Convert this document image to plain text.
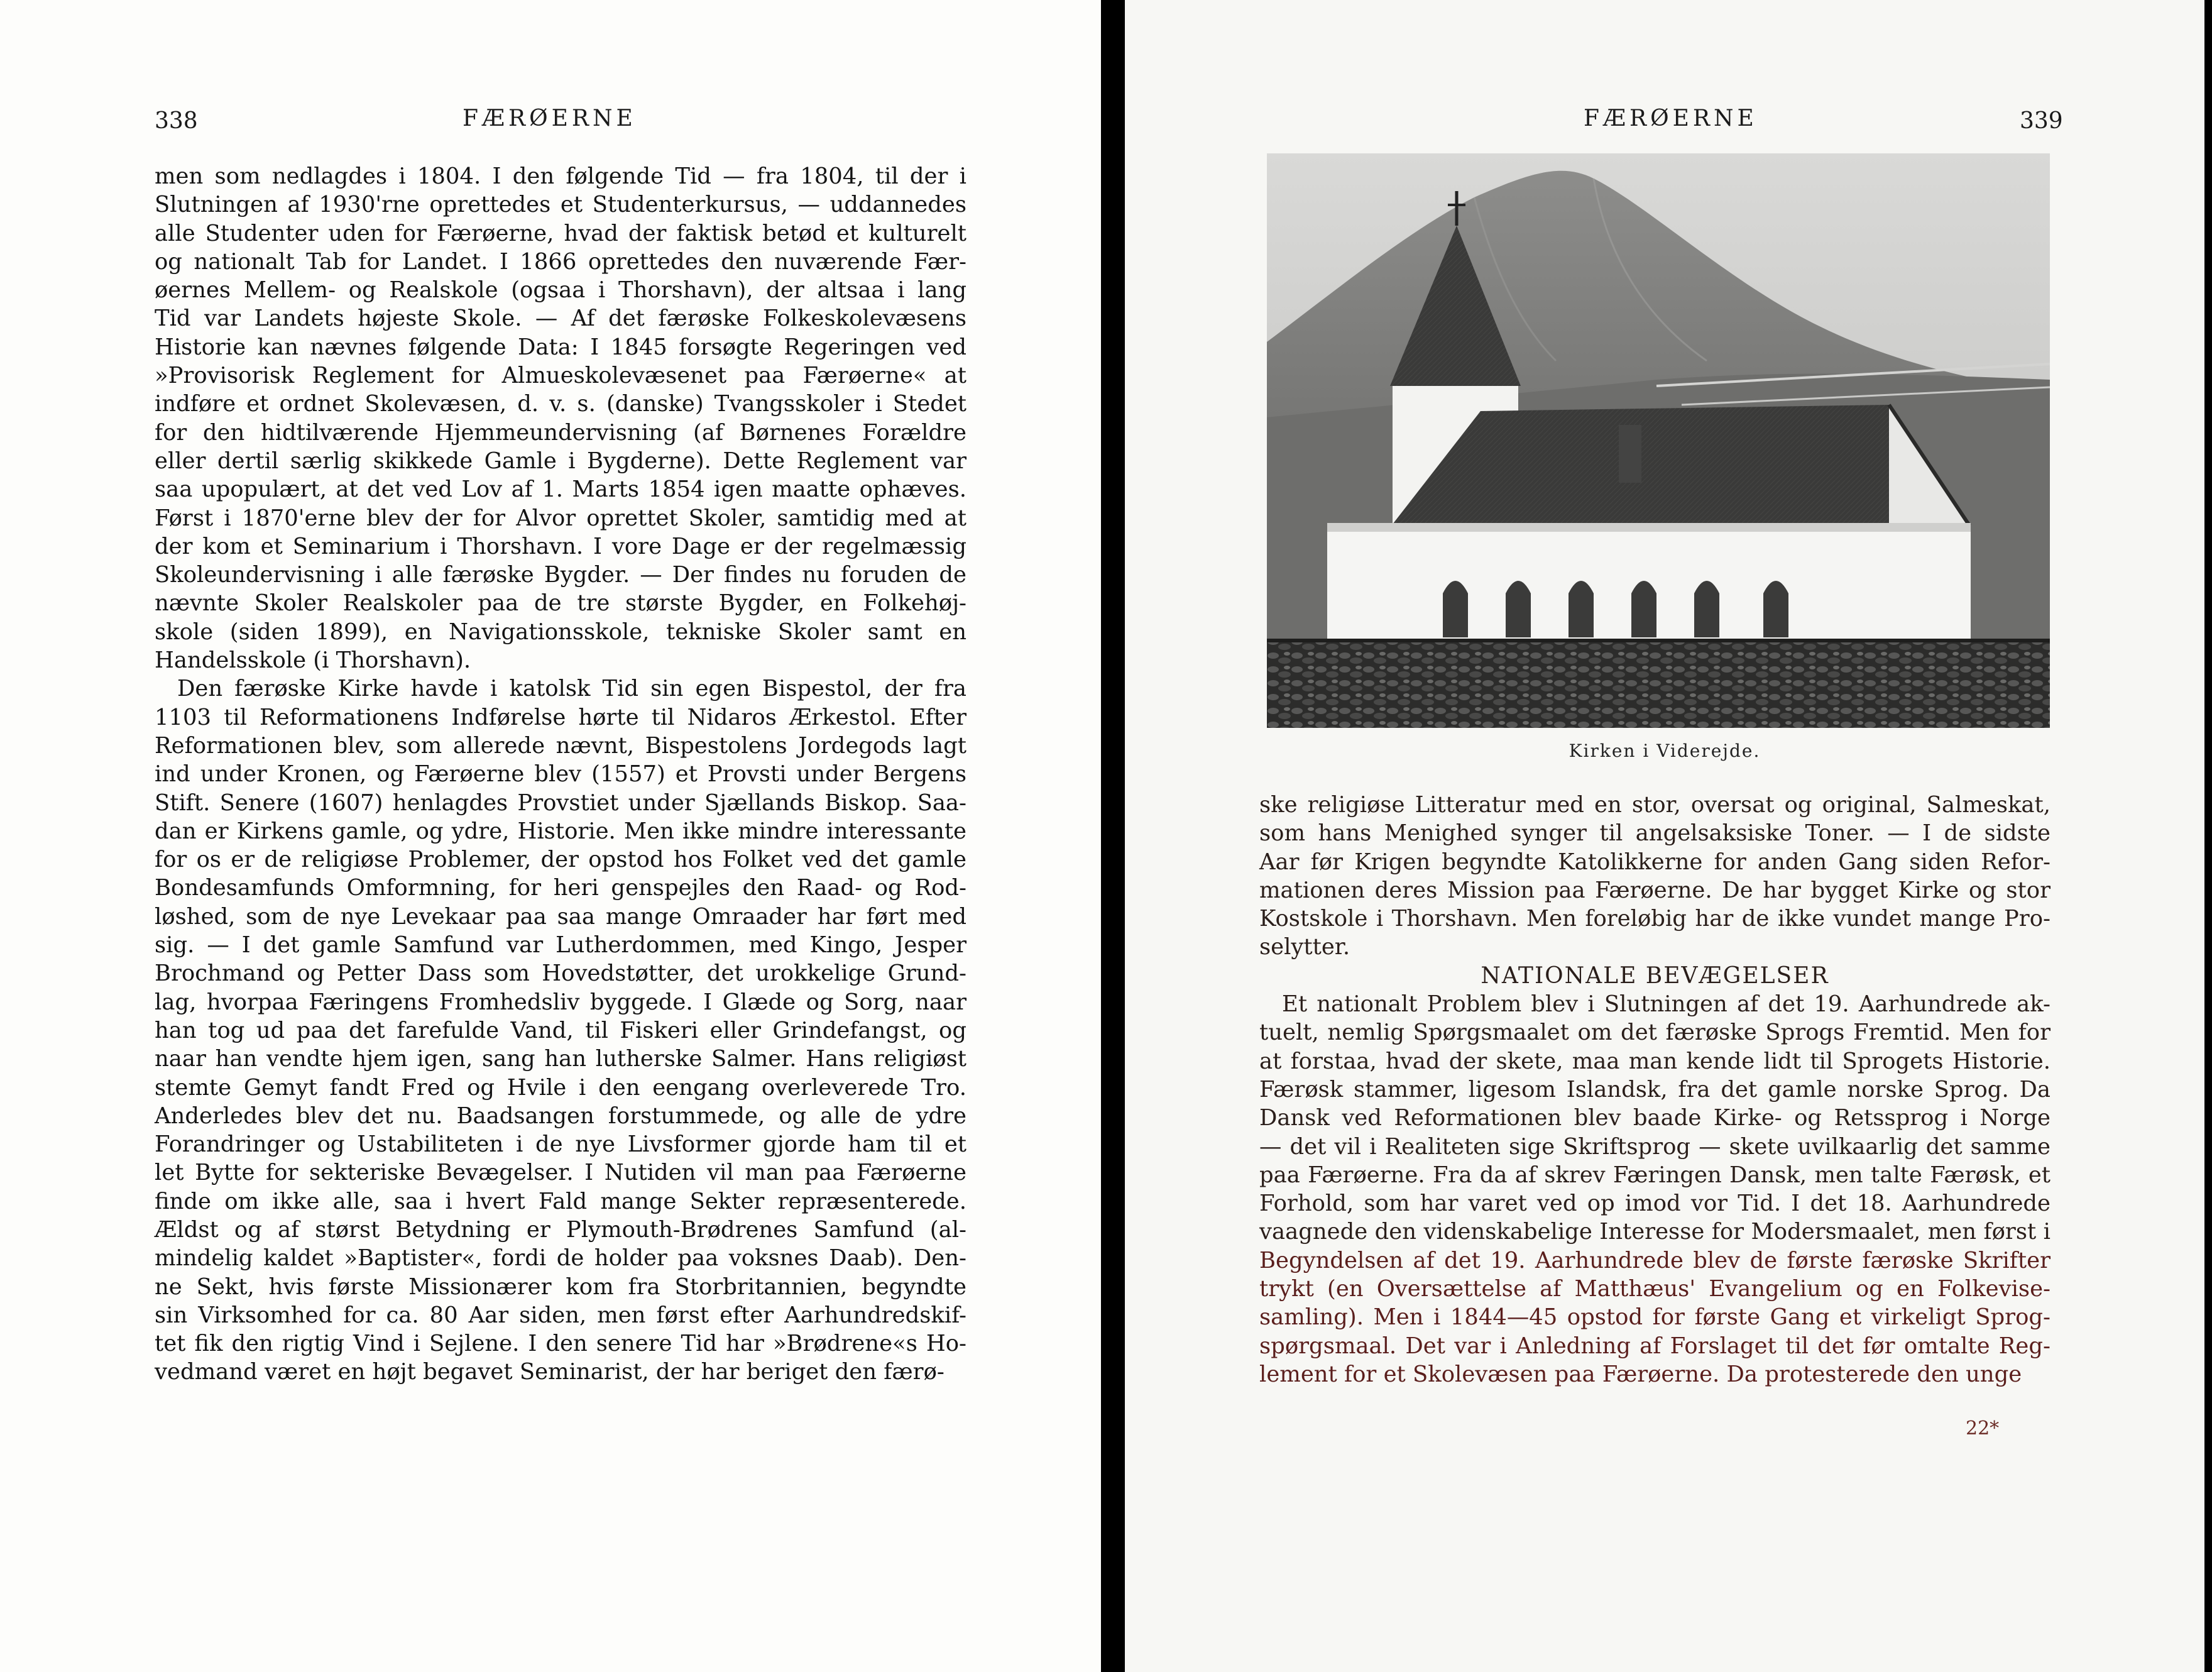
338	FÆRØERNE
men som nedlagdes i 1804. I den følgende Tid — fra 1804, til der i
Slutningen af 1930'rne oprettedes et Studenterkursus, — uddannedes
alle Studenter uden for Færøerne, hvad der faktisk betød et kulturelt
og nationalt Tab for Landet. I 1866 oprettedes den nuværende Fær-
øernes Mellem- og Realskole (ogsaa i Thorshavn), der altsaa i lang
Tid var Landets højeste Skole. — Af det færøske Folkeskolevæsens
Historie kan nævnes følgende Data: I 1845 forsøgte Regeringen ved
»Provisorisk Reglement for Almueskolevæsenet paa Færøerne« at
indføre et ordnet Skolevæsen, d. v. s. (danske) Tvangsskoler i Stedet
for den hidtilværende Hjemmeundervisning (af Børnenes Forældre
eller dertil særlig skikkede Gamle i Bygderne). Dette Reglement var
saa upopulært, at det ved Lov af 1. Marts 1854 igen maatte ophæves.
Først i 1870'erne blev der for Alvor oprettet Skoler, samtidig med at
der kom et Seminarium i Thorshavn. I vore Dage er der regelmæssig
Skoleundervisning i alle færøske Bygder. — Der findes nu foruden de
nævnte Skoler Realskoler paa de tre største Bygder, en Folkehøj-
skole (siden 1899), en Navigationsskole, tekniske Skoler samt en
Handelsskole (i Thorshavn).
Den færøske Kirke havde i katolsk Tid sin egen Bispestol, der fra
1103 til Reformationens Indførelse hørte til Nidaros Ærkestol. Efter
Reformationen blev, som allerede nævnt, Bispestolens Jordegods lagt
ind under Kronen, og Færøerne blev (1557) et Provsti under Bergens
Stift. Senere (1607) henlagdes Provstiet under Sjællands Biskop. Saa-
dan er Kirkens gamle, og ydre, Historie. Men ikke mindre interessante
for os er de religiøse Problemer, der opstod hos Folket ved det gamle
Bondesamfunds Omformning, for heri genspejles den Raad- og Rod-
løshed, som de nye Levekaar paa saa mange Omraader har ført med
sig. — I det gamle Samfund var Lutherdommen, med Kingo, Jesper
Brochmand og Petter Dass som Hovedstøtter, det urokkelige Grund-
lag, hvorpaa Færingens Fromhedsliv byggede. I Glæde og Sorg, naar
han tog ud paa det farefulde Vand, til Fiskeri eller Grindefangst, og
naar han vendte hjem igen, sang han lutherske Salmer. Hans religiøst
stemte Gemyt fandt Fred og Hvile i den eengang overleverede Tro.
Anderledes blev det nu. Baadsangen forstummede, og alle de ydre
Forandringer og Ustabiliteten i de nye Livsformer gjorde ham til et
let Bytte for sekteriske Bevægelser. I Nutiden vil man paa Færøerne
finde om ikke alle, saa i hvert Fald mange Sekter repræsenterede.
Ældst og af størst Betydning er Plymouth-Brødrenes Samfund (al-
mindelig kaldet »Baptister«, fordi de holder paa voksnes Daab). Den-
ne Sekt, hvis første Missionærer kom fra Storbritannien, begyndte
sin Virksomhed for ca. 80 Aar siden, men først efter Aarhundredskif-
tet fik den rigtig Vind i Sejlene. I den senere Tid har »Brødrene«s Ho-
vedmand været en højt begavet Seminarist, der har beriget den færø-
FÆRØERNE	339
Kirken i Viderejde.
ske religiøse Litteratur med en stor, oversat og original, Salmeskat,
som hans Menighed synger til angelsaksiske Toner. — I de sidste
Aar før Krigen begyndte Katolikkerne for anden Gang siden Refor-
mationen deres Mission paa Færøerne. De har bygget Kirke og stor
Kostskole i Thorshavn. Men foreløbig har de ikke vundet mange Pro-
selytter.
NATIONALE BEVÆGELSER
Et nationalt Problem blev i Slutningen af det 19. Aarhundrede ak-
tuelt, nemlig Spørgsmaalet om det færøske Sprogs Fremtid. Men for
at forstaa, hvad der skete, maa man kende lidt til Sprogets Historie.
Færøsk stammer, ligesom Islandsk, fra det gamle norske Sprog. Da
Dansk ved Reformationen blev baade Kirke- og Retssprog i Norge
— det vil i Realiteten sige Skriftsprog — skete uvilkaarlig det samme
paa Færøerne. Fra da af skrev Færingen Dansk, men talte Færøsk, et
Forhold, som har varet ved op imod vor Tid. I det 18. Aarhundrede
vaagnede den videnskabelige Interesse for Modersmaalet, men først i
Begyndelsen af det 19. Aarhundrede blev de første færøske Skrifter
trykt (en Oversættelse af Matthæus' Evangelium og en Folkevise-
samling). Men i 1844—45 opstod for første Gang et virkeligt Sprog-
spørgsmaal. Det var i Anledning af Forslaget til det før omtalte Reg-
lement for et Skolevæsen paa Færøerne. Da protesterede den unge
22*
